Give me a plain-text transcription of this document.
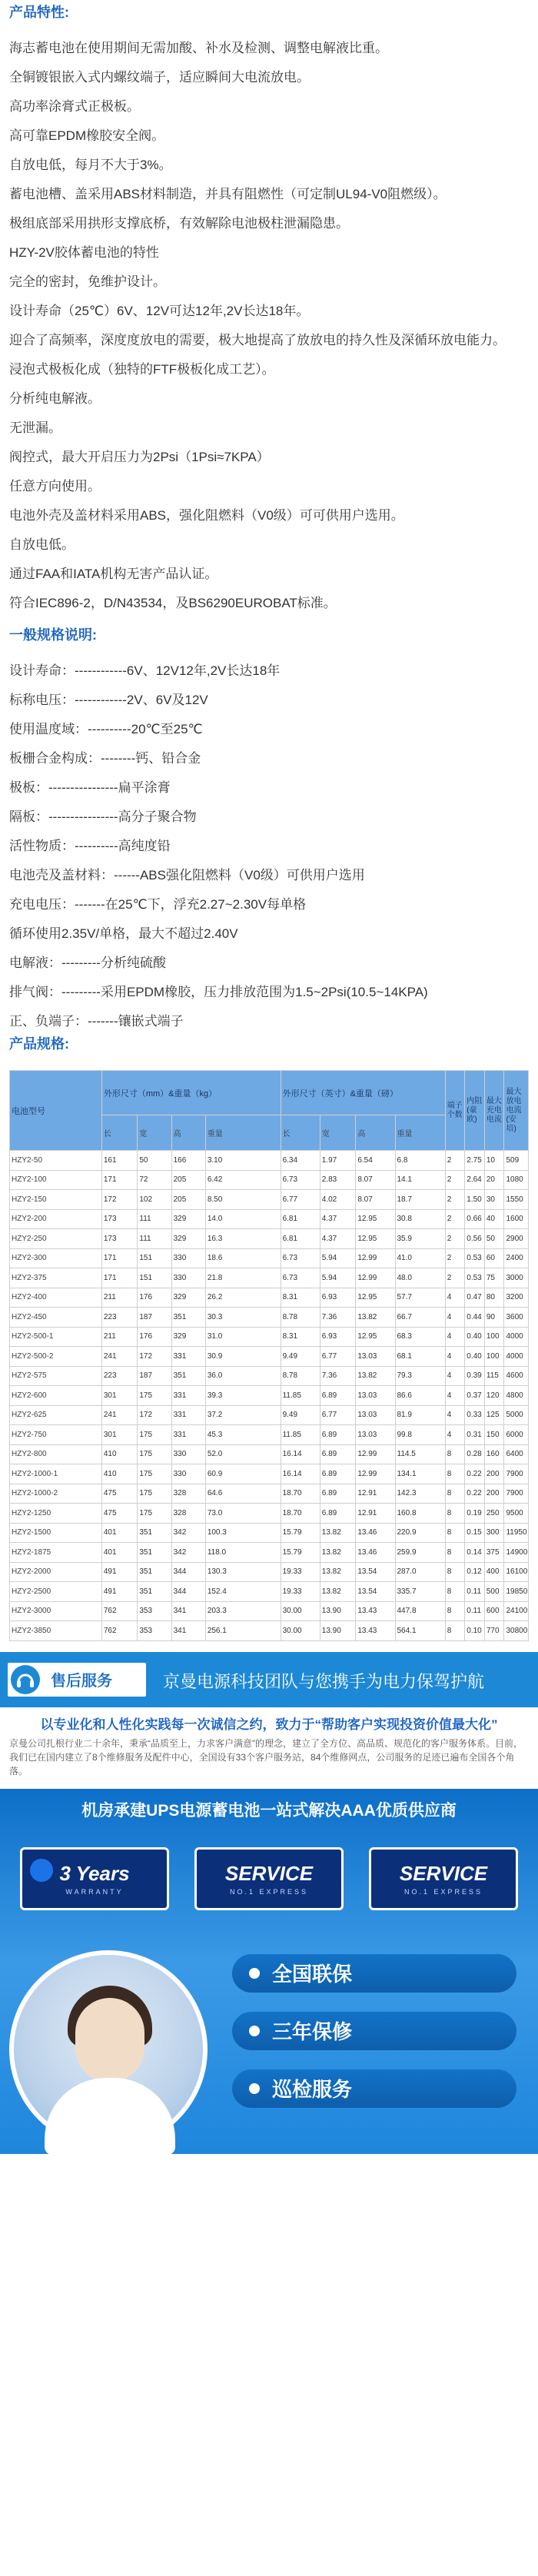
产品特性:
海志蓄电池在使用期间无需加酸、补水及检测、调整电解液比重。
全铜镀银嵌入式内螺纹端子，适应瞬间大电流放电。
高功率涂膏式正极板。
高可靠EPDM橡胶安全阀。
自放电低，每月不大于3%。
蓄电池槽、盖采用ABS材料制造，并具有阻燃性（可定制UL94-V0阻燃级）。
极组底部采用拱形支撑底桥，有效解除电池极柱泄漏隐患。
HZY-2V胶体蓄电池的特性
完全的密封，免维护设计。
设计寿命（25℃）6V、12V可达12年,2V长达18年。
迎合了高频率，深度度放电的需要，极大地提高了放放电的持久性及深循环放电能力。
浸泡式极板化成（独特的FTF极板化成工艺）。
分析纯电解液。
无泄漏。
阀控式，最大开启压力为2Psi（1Psi≈7KPA）
任意方向使用。
电池外壳及盖材料采用ABS，强化阻燃料（V0级）可可供用户选用。
自放电低。
通过FAA和IATA机构无害产品认证。
符合IEC896-2，D/N43534，及BS6290EUROBAT标准。
一般规格说明:
设计寿命：------------6V、12V12年,2V长达18年
标称电压：------------2V、6V及12V
使用温度域：----------20℃至25℃
板栅合金构成：--------钙、铅合金
极板：----------------扁平涂膏
隔板：----------------高分子聚合物
活性物质：----------高纯度铅
电池壳及盖材料：------ABS强化阻燃料（V0级）可供用户选用
充电电压：-------在25℃下，浮充2.27~2.30V每单格
循环使用2.35V/单格，最大不超过2.40V
电解液：---------分析纯硫酸
排气阀：---------采用EPDM橡胶，压力排放范围为1.5~2Psi(10.5~14KPA)
正、负端子：-------镶嵌式端子
产品规格:
电池型号	外形尺寸（mm）&重量（kg）				外形尺寸（英寸）&重量（磅）				端子个数	内阻(豪欧)	最大充电电流	最大放电电流(安培)
	长	宽	高	重量	长	宽	高	重量				
HZY2-50	161	50	166	3.10	6.34	1.97	6.54	6.8	2	2.75	10	509
HZY2-100	171	72	205	6.42	6.73	2.83	8.07	14.1	2	2.64	20	1080
HZY2-150	172	102	205	8.50	6.77	4.02	8.07	18.7	2	1.50	30	1550
HZY2-200	173	111	329	14.0	6.81	4.37	12.95	30.8	2	0.66	40	1600
HZY2-250	173	111	329	16.3	6.81	4.37	12.95	35.9	2	0.56	50	2900
HZY2-300	171	151	330	18.6	6.73	5.94	12.99	41.0	2	0.53	60	2400
HZY2-375	171	151	330	21.8	6.73	5.94	12.99	48.0	2	0.53	75	3000
HZY2-400	211	176	329	26.2	8.31	6.93	12.95	57.7	4	0.47	80	3200
HZY2-450	223	187	351	30.3	8.78	7.36	13.82	66.7	4	0.44	90	3600
HZY2-500-1	211	176	329	31.0	8.31	6.93	12.95	68.3	4	0.40	100	4000
HZY2-500-2	241	172	331	30.9	9.49	6.77	13.03	68.1	4	0.40	100	4000
HZY2-575	223	187	351	36.0	8.78	7.36	13.82	79.3	4	0.39	115	4600
HZY2-600	301	175	331	39.3	11.85	6.89	13.03	86.6	4	0.37	120	4800
HZY2-625	241	172	331	37.2	9.49	6.77	13.03	81.9	4	0.33	125	5000
HZY2-750	301	175	331	45.3	11.85	6.89	13.03	99.8	4	0.31	150	6000
HZY2-800	410	175	330	52.0	16.14	6.89	12.99	114.5	8	0.28	160	6400
HZY2-1000-1	410	175	330	60.9	16.14	6.89	12.99	134.1	8	0.22	200	7900
HZY2-1000-2	475	175	328	64.6	18.70	6.89	12.91	142.3	8	0.22	200	7900
HZY2-1250	475	175	328	73.0	18.70	6.89	12.91	160.8	8	0.19	250	9500
HZY2-1500	401	351	342	100.3	15.79	13.82	13.46	220.9	8	0.15	300	11950
HZY2-1875	401	351	342	118.0	15.79	13.82	13.46	259.9	8	0.14	375	14900
HZY2-2000	491	351	344	130.3	19.33	13.82	13.54	287.0	8	0.12	400	16100
HZY2-2500	491	351	344	152.4	19.33	13.82	13.54	335.7	8	0.11	500	19850
HZY2-3000	762	353	341	203.3	30.00	13.90	13.43	447.8	8	0.11	600	24100
HZY2-3850	762	353	341	256.1	30.00	13.90	13.43	564.1	8	0.10	770	30800
售后服务	京曼电源科技团队与您携手为电力保驾护航
以专业化和人性化实践每一次诚信之约，致力于“帮助客户实现投资价值最大化”
京曼公司扎根行业二十余年，秉承“品质至上，力求客户满意”的理念，建立了全方位、高品质、规范化的客户服务体系。目前，我们已在国内建立了8个维修服务及配件中心，全国设有33个客户服务站，84个维修网点，公司服务的足迹已遍布全国各个角落。
机房承建UPS电源蓄电池一站式解决AAA优质供应商
3 Years
WARRANTY
SERVICE
NO.1 EXPRESS
SERVICE
NO.1 EXPRESS
全国联保
三年保修
巡检服务
